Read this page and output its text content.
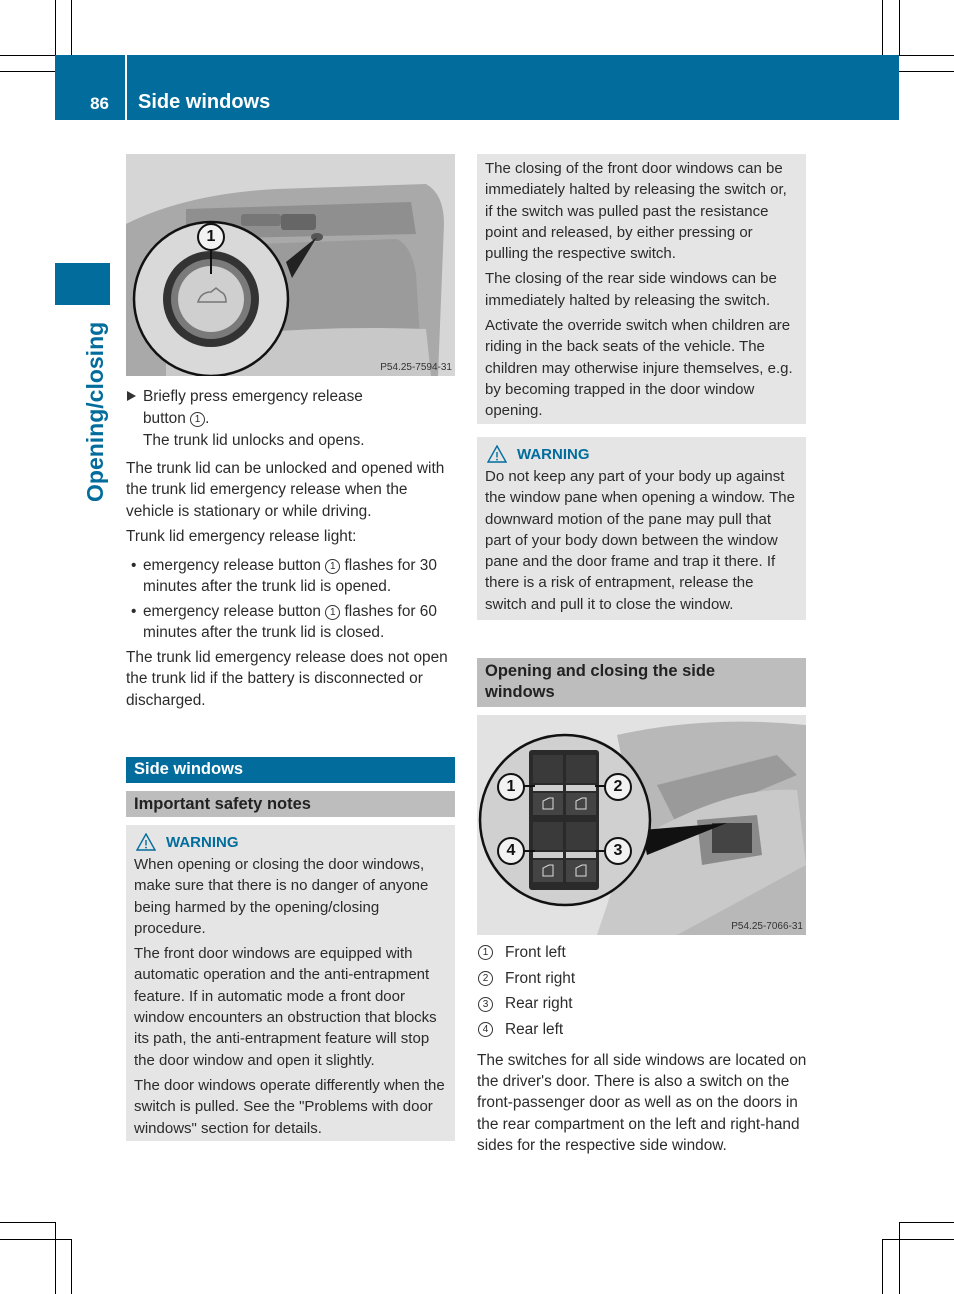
86 Side windows
Opening/closing
1
P54.25-7594-31
Briefly press emergency release
button 1 .
The trunk lid unlocks and opens.
The trunk lid can be unlocked and opened with the trunk lid emergency release when the vehicle is stationary or while driving.
Trunk lid emergency release light:
• emergency release button 1 flashes for 30 minutes after the trunk lid is opened.
• emergency release button 1 flashes for 60 minutes after the trunk lid is closed.
The trunk lid emergency release does not open the trunk lid if the battery is disconnected or discharged.
Side windows
Important safety notes
WARNING
When opening or closing the door windows, make sure that there is no danger of anyone being harmed by the opening/closing procedure.
The front door windows are equipped with automatic operation and the anti-entrapment feature. If in automatic mode a front door window encounters an obstruction that blocks its path, the anti-entrapment feature will stop the door window and open it slightly.
The door windows operate differently when the switch is pulled. See the "Problems with door windows" section for details.
The closing of the front door windows can be immediately halted by releasing the switch or, if the switch was pulled past the resistance point and released, by either pressing or pulling the respective switch.
The closing of the rear side windows can be immediately halted by releasing the switch.
Activate the override switch when children are riding in the back seats of the vehicle. The children may otherwise injure themselves, e.g. by becoming trapped in the door window opening.
WARNING
Do not keep any part of your body up against the window pane when opening a window. The downward motion of the pane may pull that part of your body down between the window pane and the door frame and trap it there. If there is a risk of entrapment, release the switch and pull it to close the window.
Opening and closing the side windows
1	2
3
4
P54.25-7066-31
1	Front left
2	Front right
3	Rear right
4	Rear left
The switches for all side windows are located on the driver's door. There is also a switch on the front-passenger door as well as on the doors in the rear compartment on the left and right-hand sides for the respective side window.
